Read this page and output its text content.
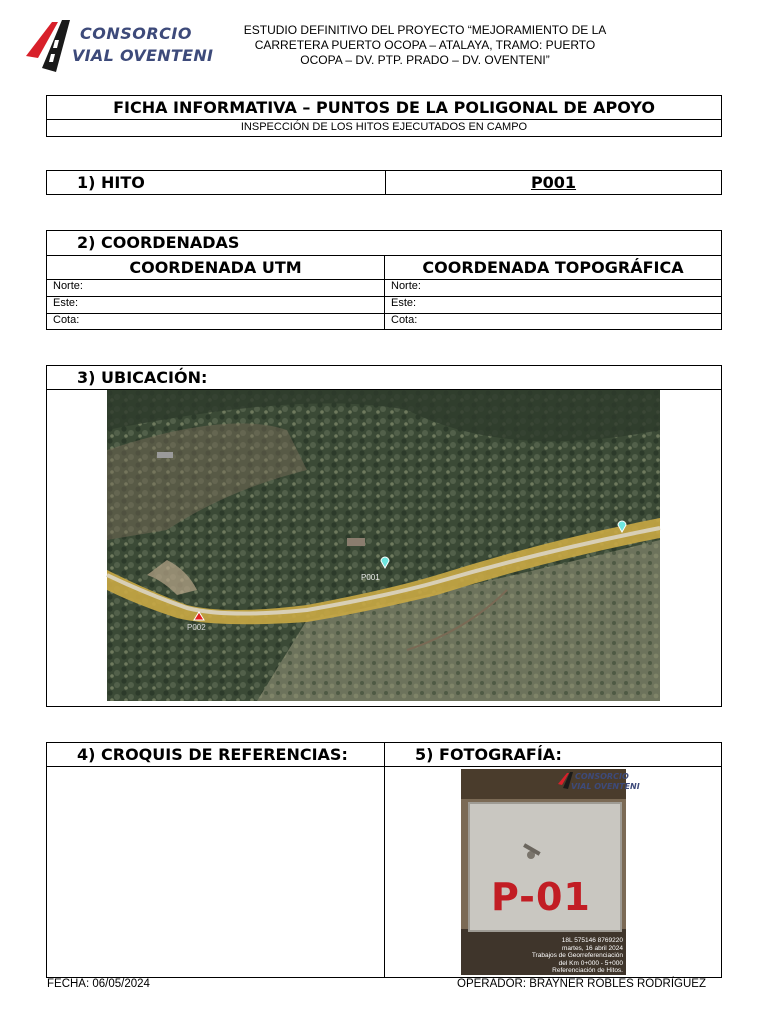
CONSORCIO
VIAL OVENTENI
ESTUDIO DEFINITIVO DEL PROYECTO “MEJORAMIENTO DE LA
CARRETERA PUERTO OCOPA – ATALAYA, TRAMO: PUERTO
OCOPA – DV. PTP. PRADO – DV. OVENTENI”
FICHA INFORMATIVA – PUNTOS DE LA POLIGONAL DE APOYO
INSPECCIÓN DE LOS HITOS EJECUTADOS EN CAMPO
1) HITO	P001
2) COORDENADAS
COORDENADA UTM	COORDENADA TOPOGRÁFICA
Norte:
Este:
Cota:
Norte:
Este:
Cota:
3) UBICACIÓN:
P001
P002
4) CROQUIS DE REFERENCIAS:	5) FOTOGRAFÍA:
CONSORCIO
VIAL OVENTENI
P-01
18L 575146 8769220
martes, 16 abril 2024
Trabajos de Georreferenciación
del Km 0+000 - 5+000
Referenciación de Hitos.
FECHA: 06/05/2024	OPERADOR: BRAYNER ROBLES RODRÍGUEZ
